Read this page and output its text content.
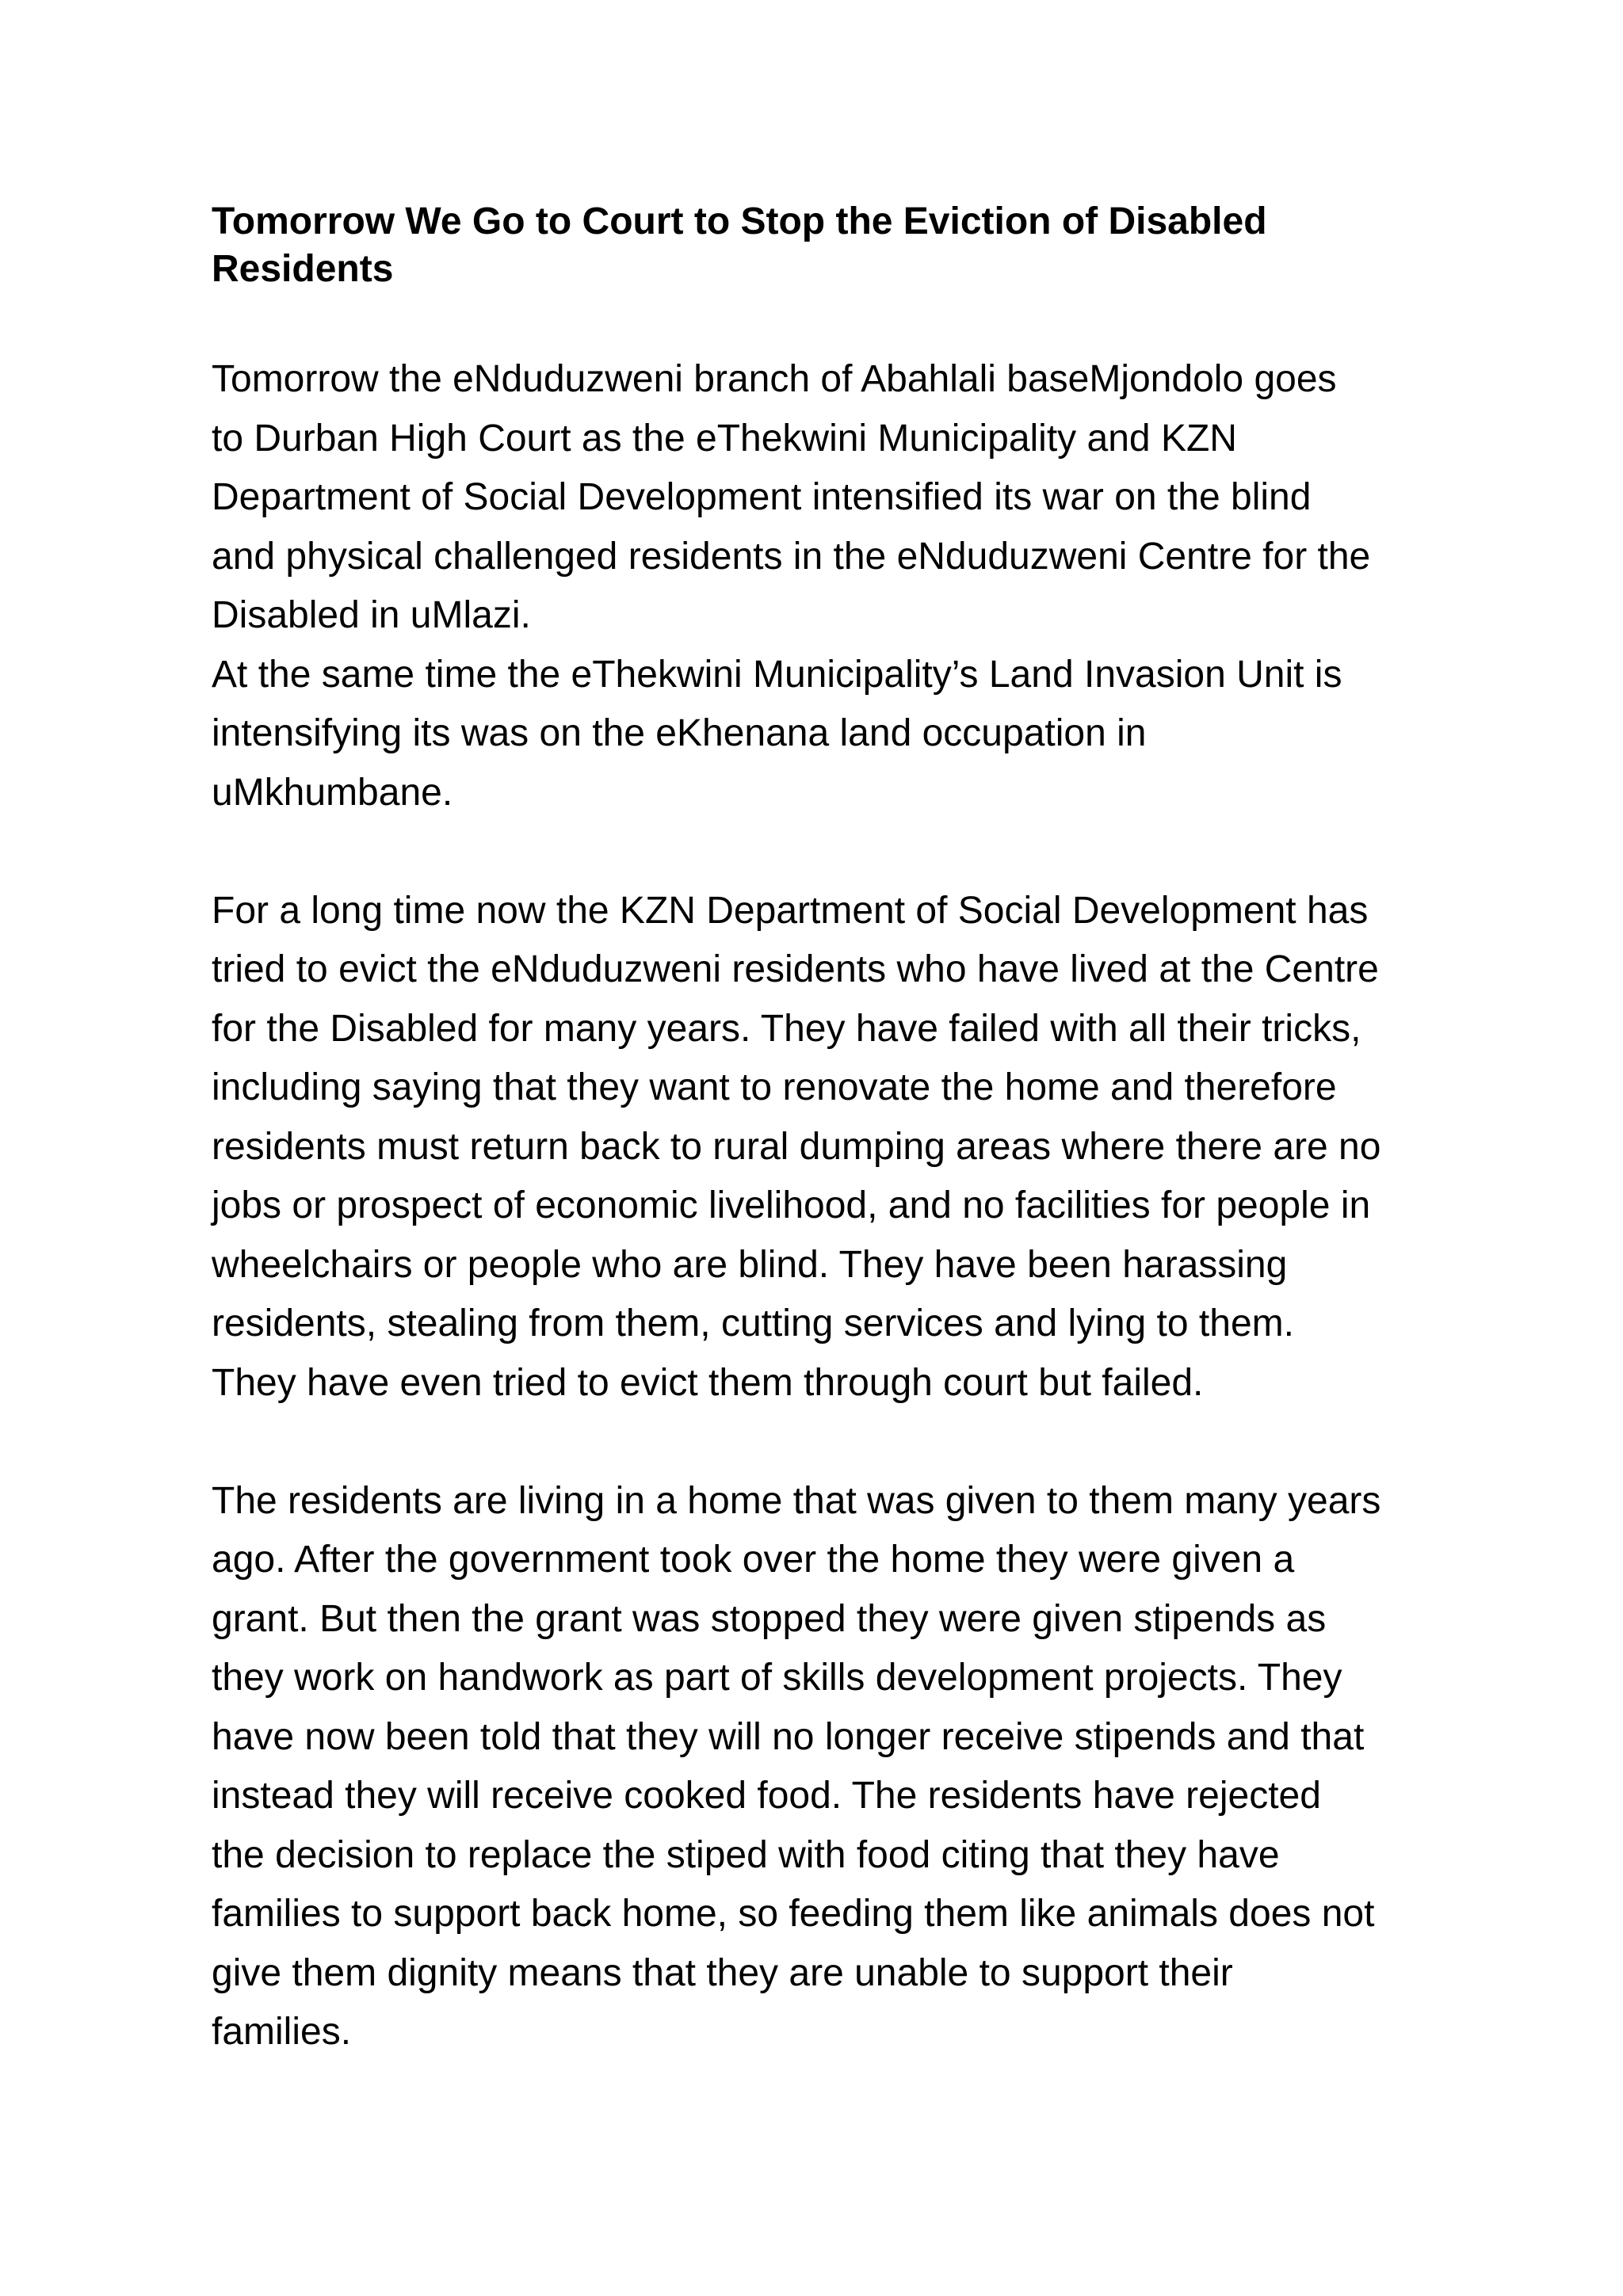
Tomorrow We Go to Court to Stop the Eviction of Disabled
Residents

Tomorrow the eNduduzweni branch of Abahlali baseMjondolo goes
to Durban High Court as the eThekwini Municipality and KZN
Department of Social Development intensified its war on the blind
and physical challenged residents in the eNduduzweni Centre for the
Disabled in uMlazi.
At the same time the eThekwini Municipality’s Land Invasion Unit is
intensifying its was on the eKhenana land occupation in
uMkhumbane.

For a long time now the KZN Department of Social Development has
tried to evict the eNduduzweni residents who have lived at the Centre
for the Disabled for many years. They have failed with all their tricks,
including saying that they want to renovate the home and therefore
residents must return back to rural dumping areas where there are no
jobs or prospect of economic livelihood, and no facilities for people in
wheelchairs or people who are blind. They have been harassing
residents, stealing from them, cutting services and lying to them.
They have even tried to evict them through court but failed.

The residents are living in a home that was given to them many years
ago. After the government took over the home they were given a
grant. But then the grant was stopped they were given stipends as
they work on handwork as part of skills development projects. They
have now been told that they will no longer receive stipends and that
instead they will receive cooked food. The residents have rejected
the decision to replace the stiped with food citing that they have
families to support back home, so feeding them like animals does not
give them dignity means that they are unable to support their
families.
